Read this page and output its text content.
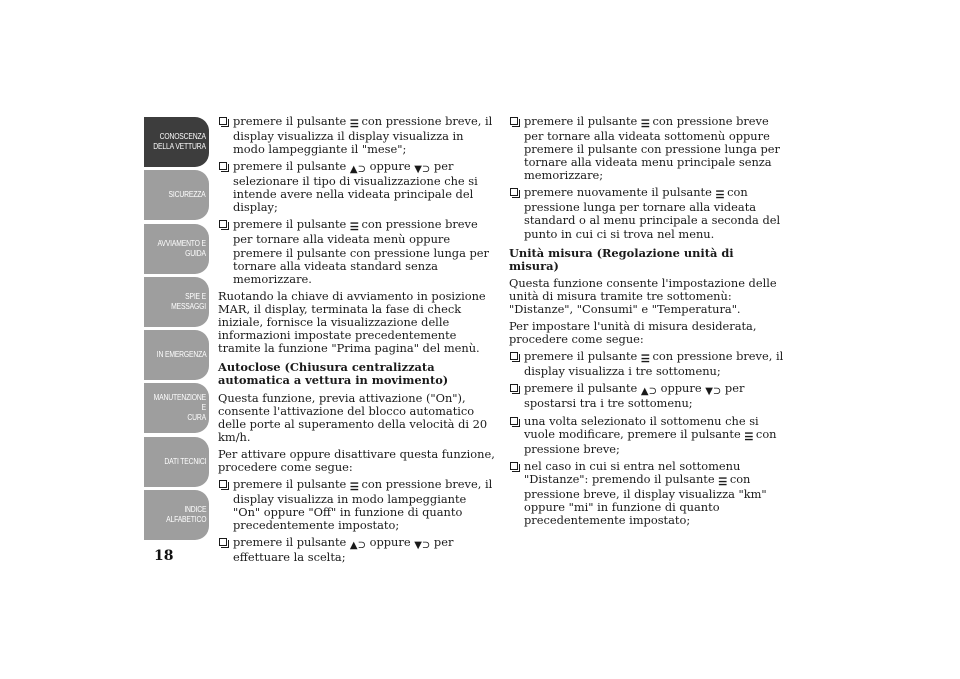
CONOSCENZA
DELLA VETTURA
SICUREZZA
AVVIAMENTO E
GUIDA
SPIE E MESSAGGI
IN EMERGENZA
MANUTENZIONE E
CURA
DATI TECNICI
INDICE
ALFABETICO
18
premere il pulsante ☰ con pressione breve, il display visualizza il display visualizza in modo lampeggiante il "mese";
premere il pulsante ▲⊃ oppure ▼⊃ per selezionare il tipo di visualizzazione che si intende avere nella videata principale del display;
premere il pulsante ☰ con pressione breve per tornare alla videata menù oppure premere il pulsante con pressione lunga per tornare alla videata standard senza memorizzare.
Ruotando la chiave di avviamento in posizione MAR, il display, terminata la fase di check iniziale, fornisce la visualizzazione delle informazioni impostate precedentemente tramite la funzione "Prima pagina" del menù.
Autoclose (Chiusura centralizzata automatica a vettura in movimento)
Questa funzione, previa attivazione ("On"), consente l'attivazione del blocco automatico delle porte al superamento della velocità di 20 km/h.
Per attivare oppure disattivare questa funzione, procedere come segue:
premere il pulsante ☰ con pressione breve, il display visualizza in modo lampeggiante "On" oppure "Off" in funzione di quanto precedentemente impostato;
premere il pulsante ▲⊃ oppure ▼⊃ per effettuare la scelta;
premere il pulsante ☰ con pressione breve per tornare alla videata sottomenù oppure premere il pulsante con pressione lunga per tornare alla videata menu principale senza memorizzare;
premere nuovamente il pulsante ☰ con pressione lunga per tornare alla videata standard o al menu principale a seconda del punto in cui ci si trova nel menu.
Unità misura (Regolazione unità di misura)
Questa funzione consente l'impostazione delle unità di misura tramite tre sottomenù: "Distanze", "Consumi" e "Temperatura".
Per impostare l'unità di misura desiderata, procedere come segue:
premere il pulsante ☰ con pressione breve, il display visualizza i tre sottomenu;
premere il pulsante ▲⊃ oppure ▼⊃ per spostarsi tra i tre sottomenu;
una volta selezionato il sottomenu che si vuole modificare, premere il pulsante ☰ con pressione breve;
nel caso in cui si entra nel sottomenu "Distanze": premendo il pulsante ☰ con pressione breve, il display visualizza "km" oppure "mi" in funzione di quanto precedentemente impostato;
